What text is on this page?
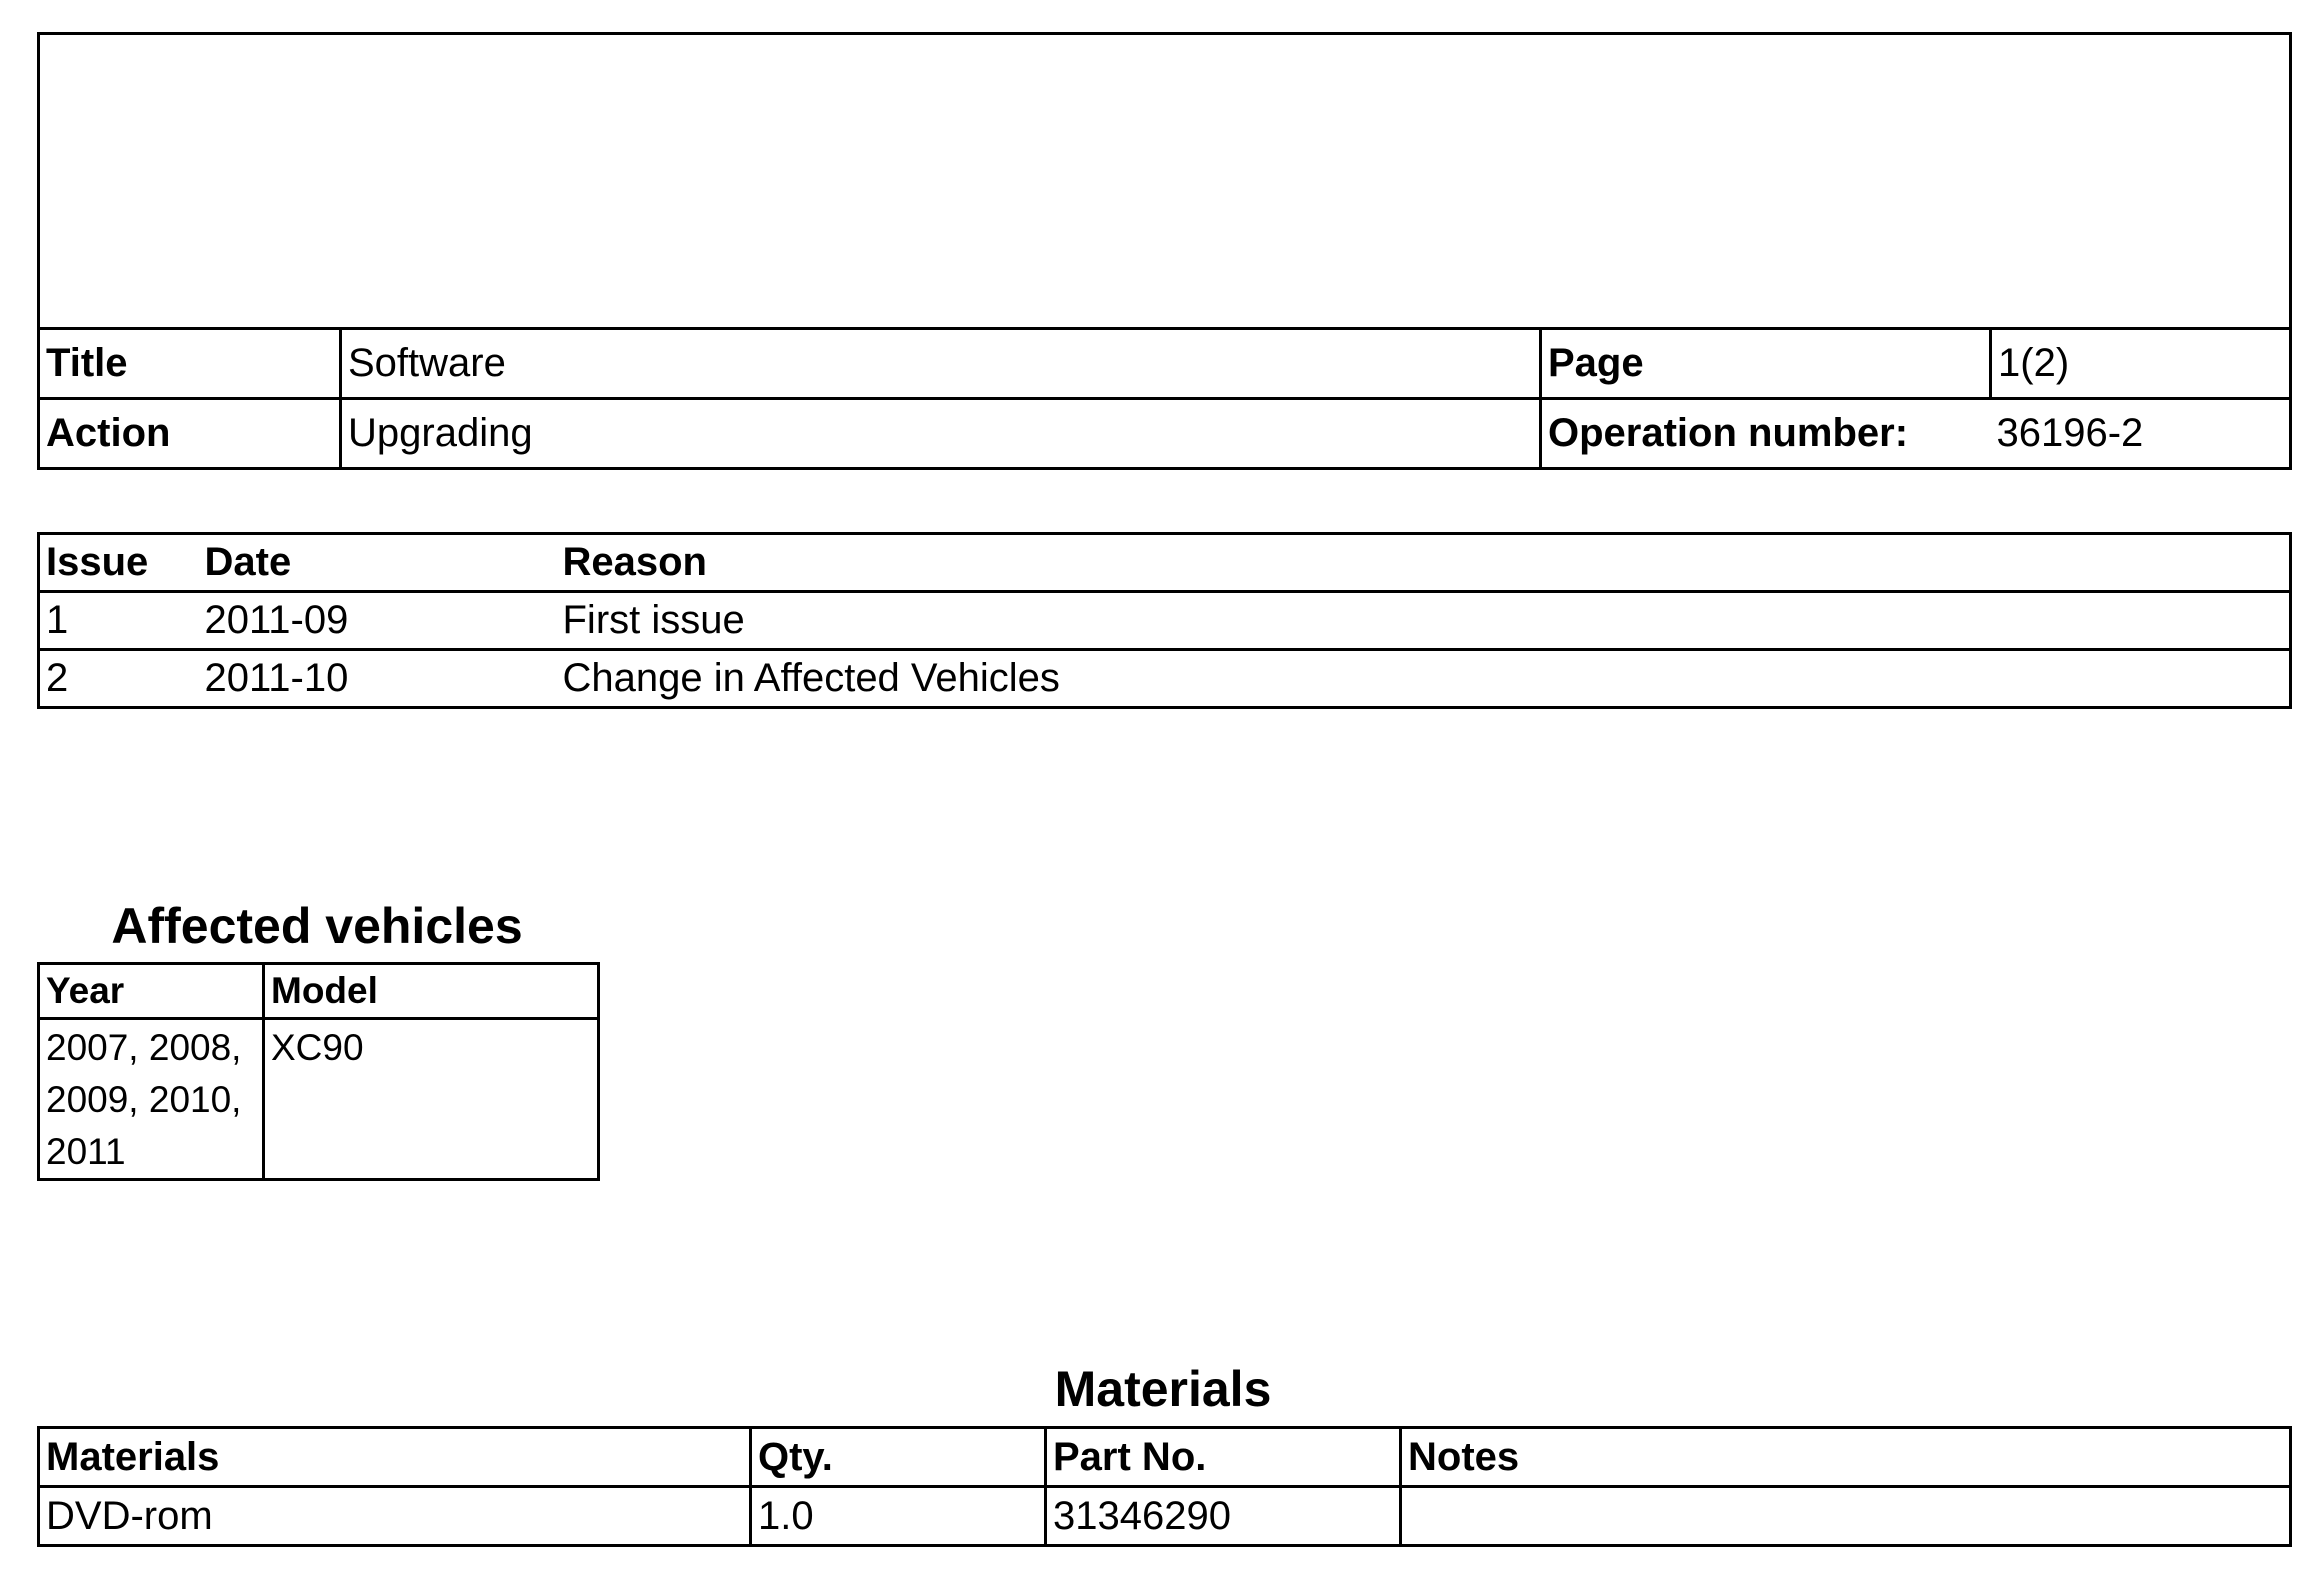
Title	Software	Page	1(2)
Action	Upgrading	Operation number:	36196-2
Issue	Date	Reason
1	2011-09	First issue
2	2011-10	Change in Affected Vehicles
Affected vehicles
Year	Model
2007, 2008, 2009, 2010, 2011	XC90
Materials
Materials	Qty.	Part No.	Notes
DVD-rom	1.0	31346290	
